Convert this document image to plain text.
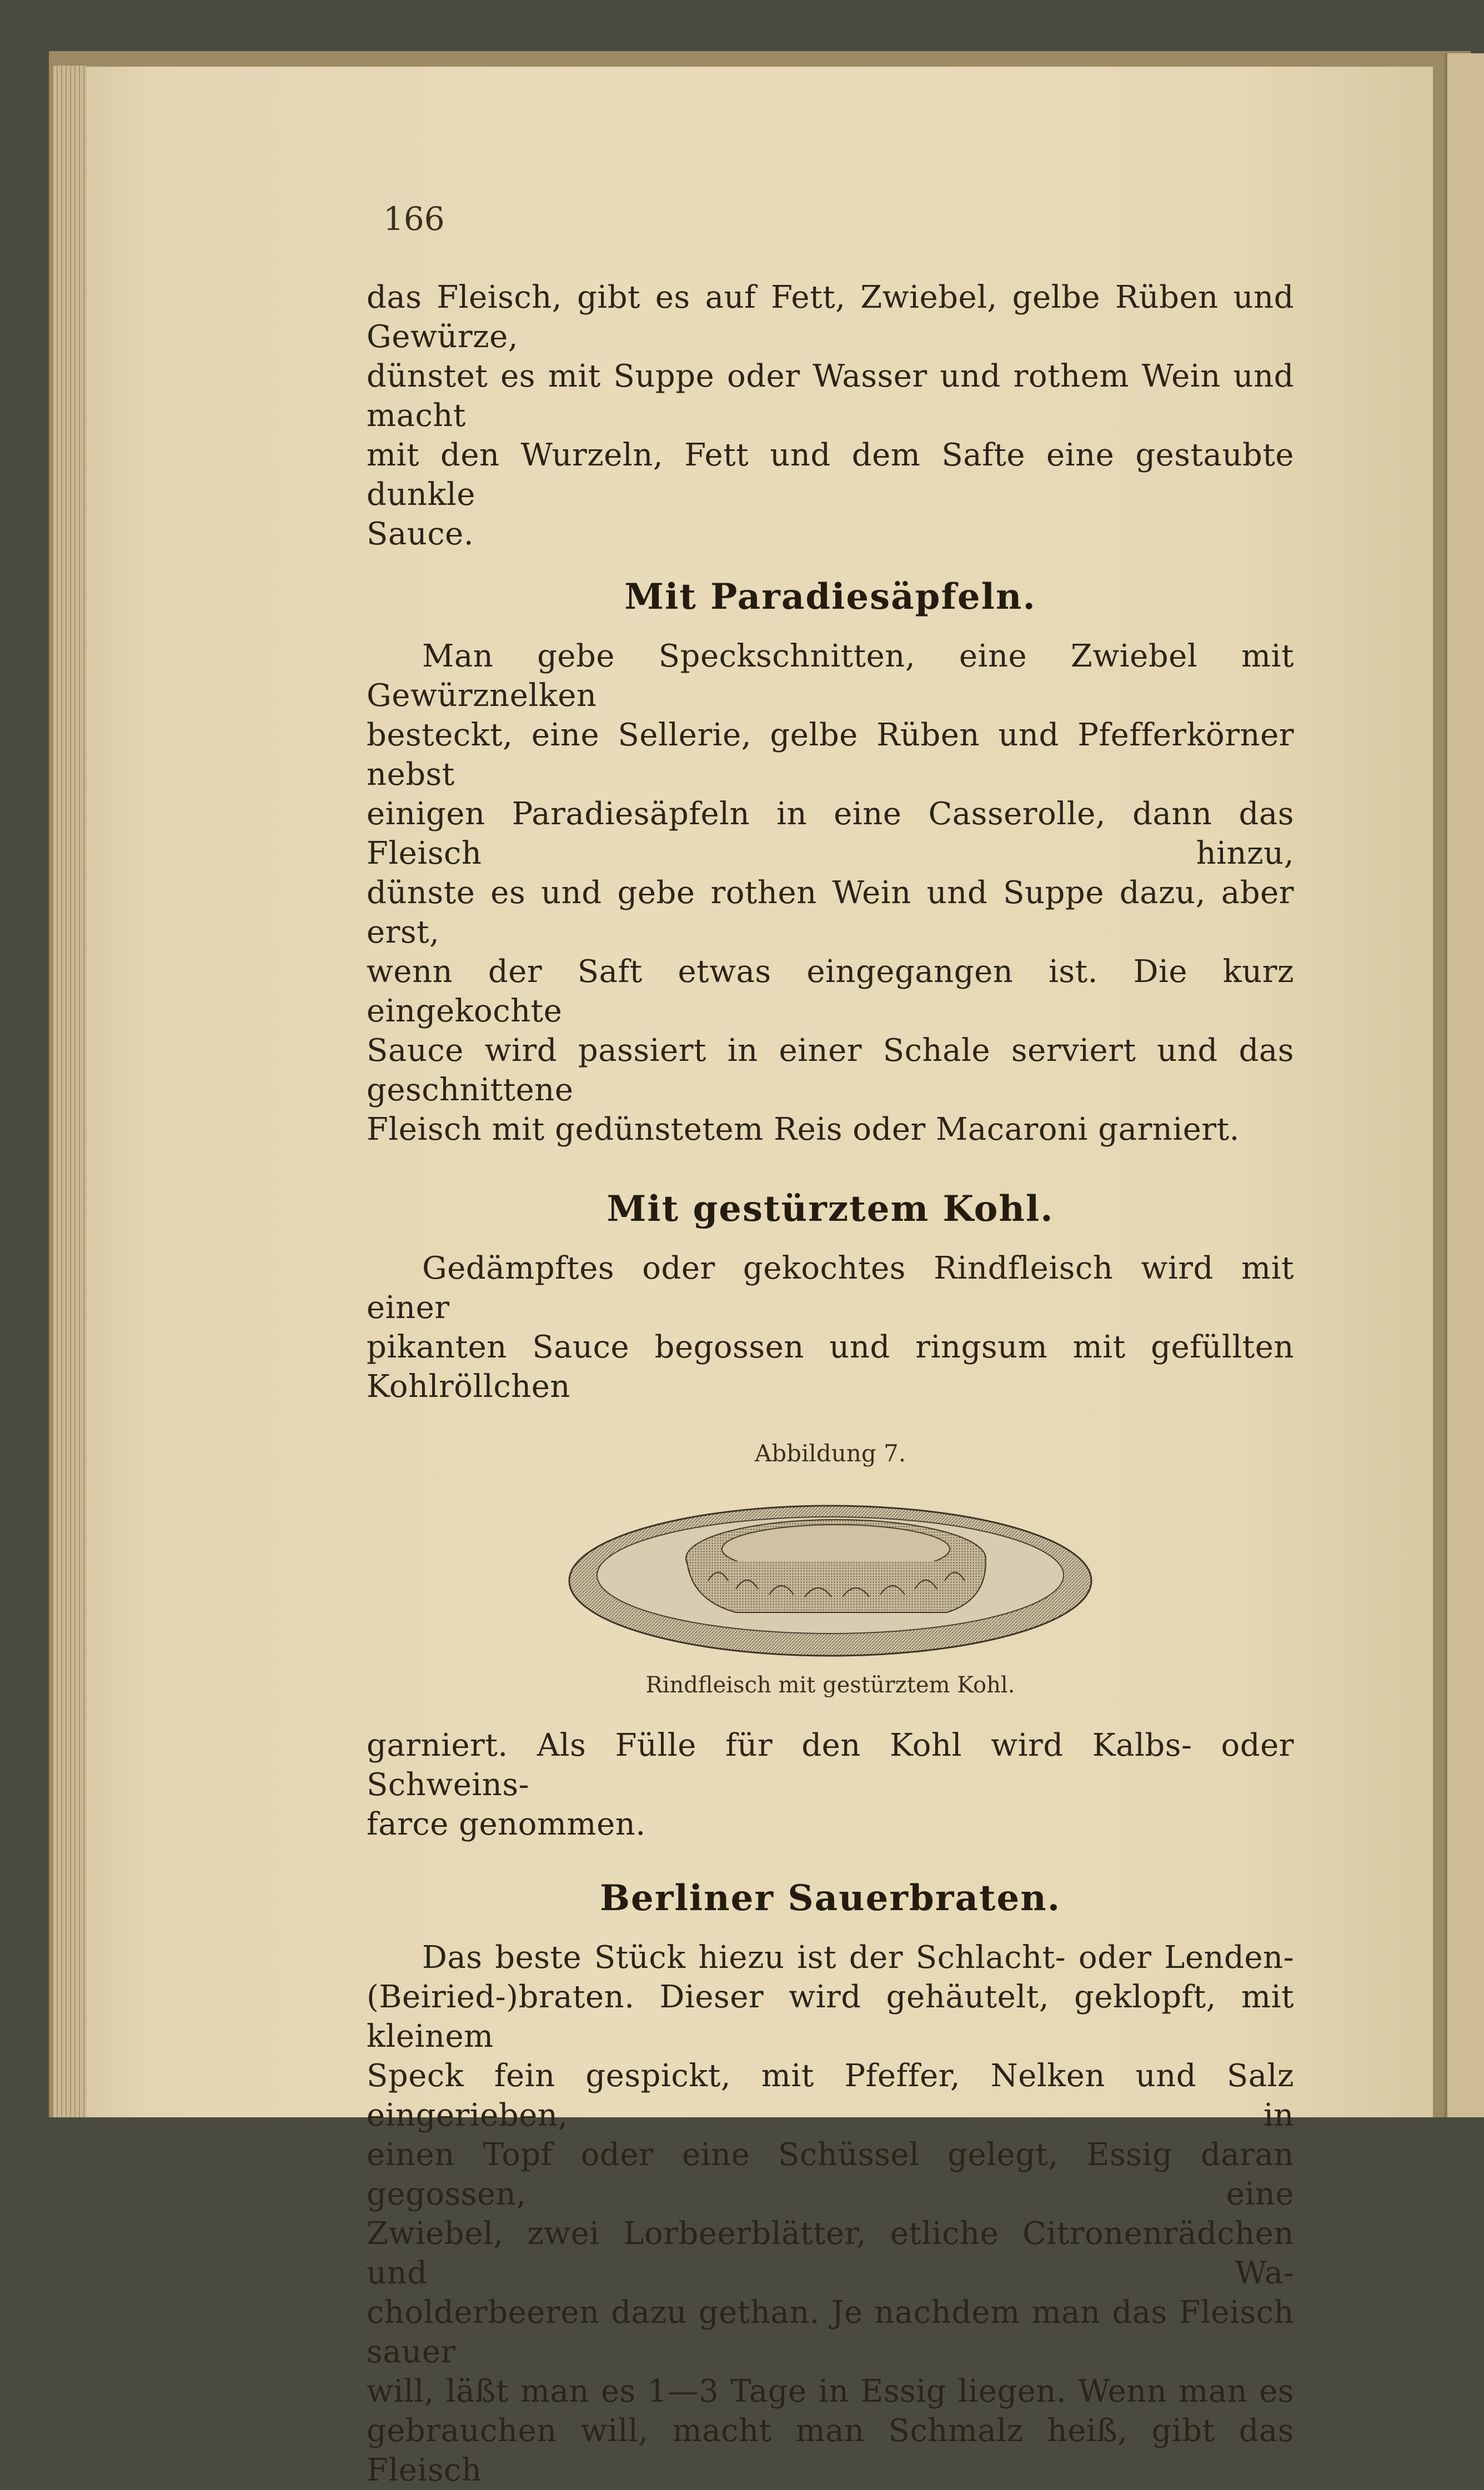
166

das Fleisch, gibt es auf Fett, Zwiebel, gelbe Rüben und Gewürze,

dünstet es mit Suppe oder Wasser und rothem Wein und macht

mit den Wurzeln, Fett und dem Safte eine gestaubte dunkle

Sauce.

Mit Paradiesäpfeln.

Man gebe Speckschnitten, eine Zwiebel mit Gewürznelken

besteckt, eine Sellerie, gelbe Rüben und Pfefferkörner nebst

einigen Paradiesäpfeln in eine Casserolle, dann das Fleisch hinzu,

dünste es und gebe rothen Wein und Suppe dazu, aber erst,

wenn der Saft etwas eingegangen ist. Die kurz eingekochte

Sauce wird passiert in einer Schale serviert und das geschnittene

Fleisch mit gedünstetem Reis oder Macaroni garniert.

Mit gestürztem Kohl.

Gedämpftes oder gekochtes Rindfleisch wird mit einer

pikanten Sauce begossen und ringsum mit gefüllten Kohlröllchen

Abbildung 7.

Rindfleisch mit gestürztem Kohl.

garniert. Als Fülle für den Kohl wird Kalbs- oder Schweins-

farce genommen.

Berliner Sauerbraten.

Das beste Stück hiezu ist der Schlacht- oder Lenden-

(Beiried-)braten. Dieser wird gehäutelt, geklopft, mit kleinem

Speck fein gespickt, mit Pfeffer, Nelken und Salz eingerieben, in

einen Topf oder eine Schüssel gelegt, Essig daran gegossen, eine

Zwiebel, zwei Lorbeerblätter, etliche Citronenrädchen und Wa-

cholderbeeren dazu gethan. Je nachdem man das Fleisch sauer

will, läßt man es 1—3 Tage in Essig liegen. Wenn man es

gebrauchen will, macht man Schmalz heiß, gibt das Fleisch
